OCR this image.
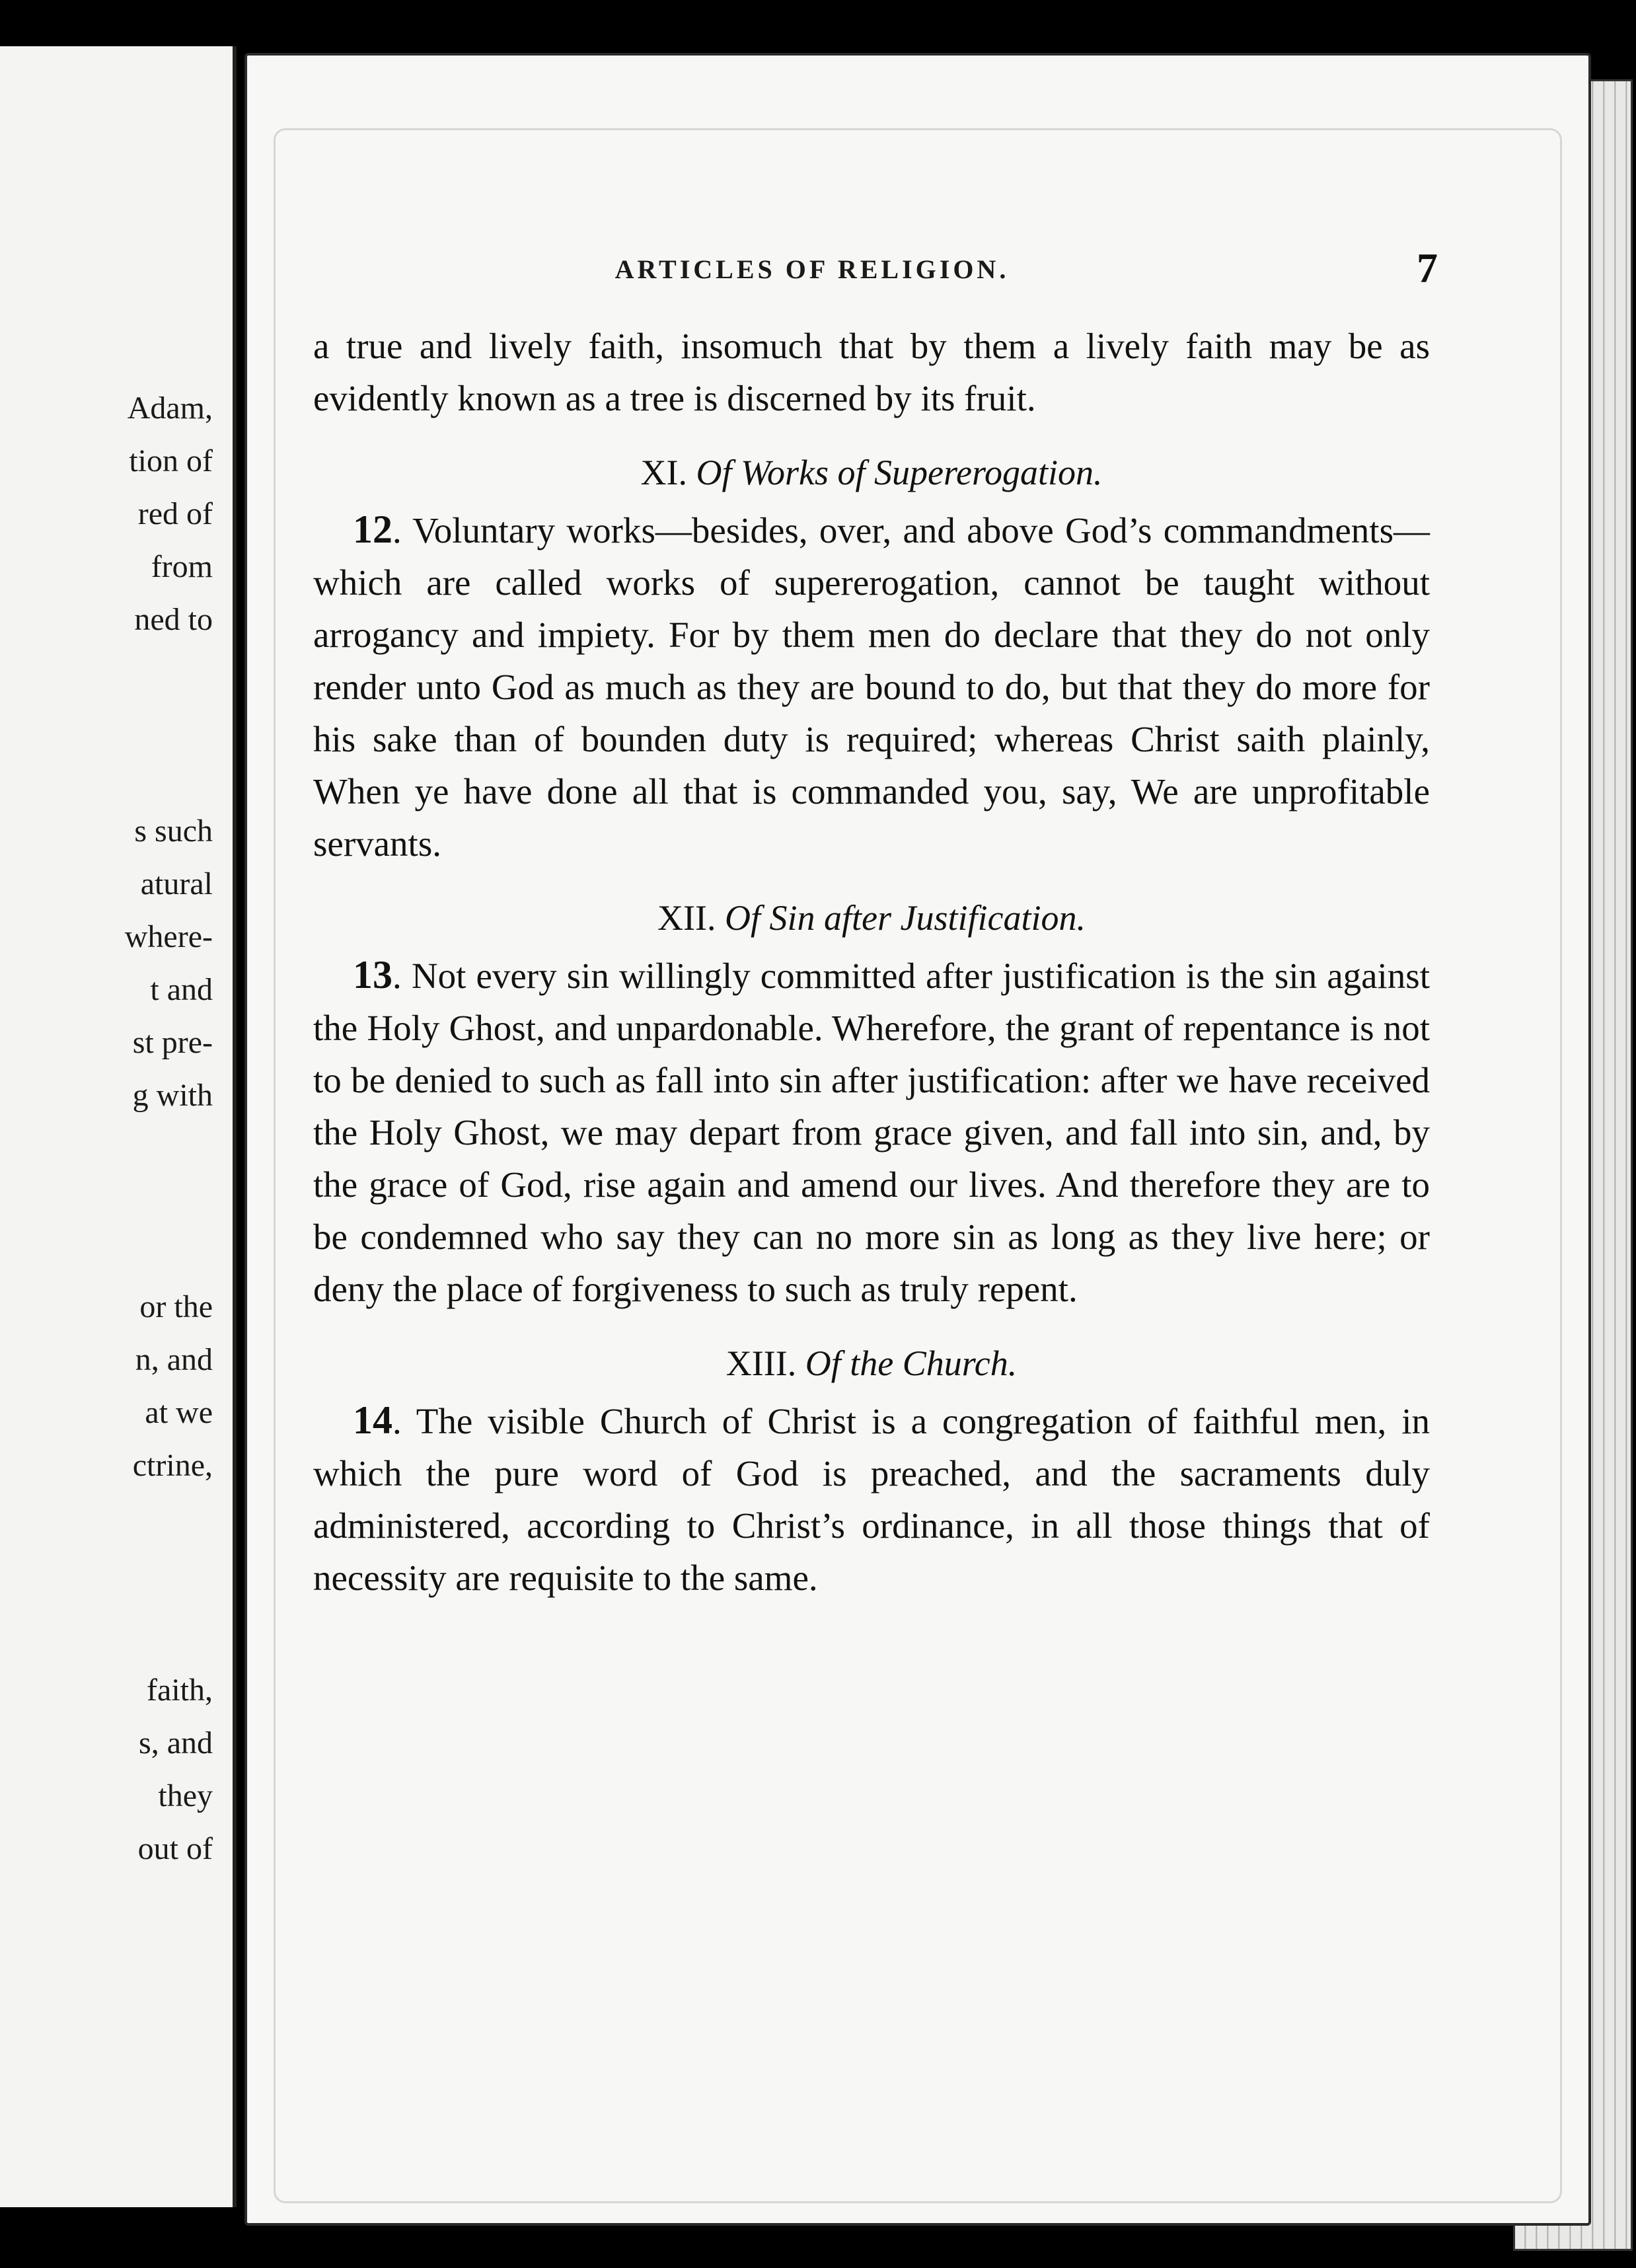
Adam,
tion of
red of
from
ned to
s such
atural
where-
t and
st pre-
g with
or the
n, and
at we
ctrine,
faith,
s, and
they
out of
ARTICLES OF RELIGION.	7

a true and lively faith, insomuch that by them a lively faith may be as evidently known as a tree is discerned by its fruit.

XI. Of Works of Supererogation.

12. Voluntary works—besides, over, and above God’s commandments—which are called works of supererogation, cannot be taught without arrogancy and impiety. For by them men do declare that they do not only render unto God as much as they are bound to do, but that they do more for his sake than of bounden duty is required; whereas Christ saith plainly, When ye have done all that is commanded you, say, We are unprofitable servants.

XII. Of Sin after Justification.

13. Not every sin willingly committed after justification is the sin against the Holy Ghost, and unpardonable. Wherefore, the grant of repentance is not to be denied to such as fall into sin after justification: after we have received the Holy Ghost, we may depart from grace given, and fall into sin, and, by the grace of God, rise again and amend our lives. And therefore they are to be condemned who say they can no more sin as long as they live here; or deny the place of forgiveness to such as truly repent.

XIII. Of the Church.

14. The visible Church of Christ is a congregation of faithful men, in which the pure word of God is preached, and the sacraments duly administered, according to Christ’s ordinance, in all those things that of necessity are requisite to the same.
